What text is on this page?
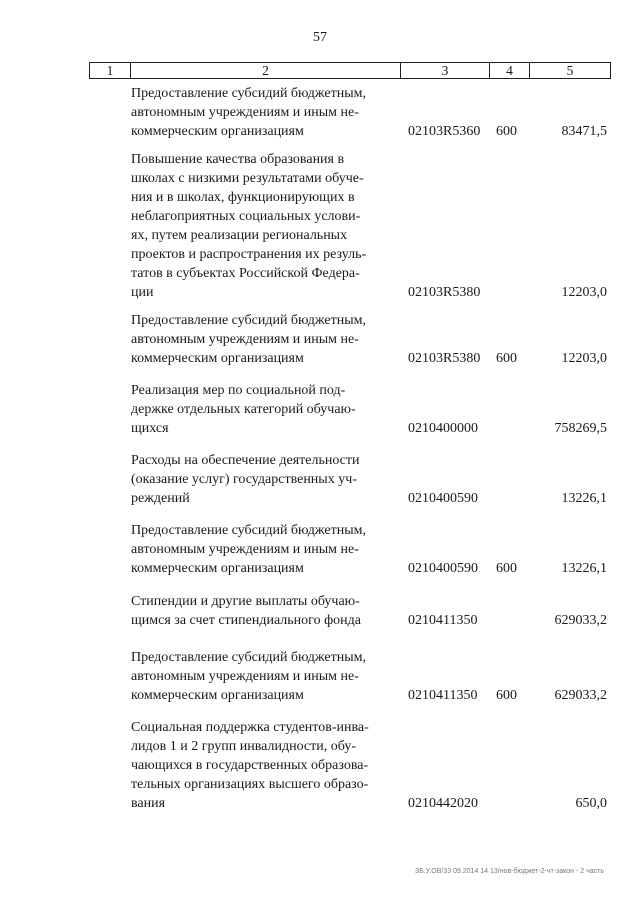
57
1	2	3	4	5
Предоставление субсидий бюджетным,
автономным учреждениям и иным не-
коммерческим организациям	02103R5360 600	83471,5
Повышение качества образования в
школах с низкими результатами обуче-
ния и в школах, функционирующих в
неблагоприятных социальных услови-
ях, путем реализации региональных
проектов и распространения их резуль-
татов в субъектах Российской Федера-
ции	02103R5380	12203,0
Предоставление субсидий бюджетным,
автономным учреждениям и иным не-
коммерческим организациям	02103R5380 600	12203,0
Реализация мер по социальной под-
держке отдельных категорий обучаю-
щихся	0210400000	758269,5
Расходы на обеспечение деятельности
(оказание услуг) государственных уч-
реждений	0210400590	13226,1
Предоставление субсидий бюджетным,
автономным учреждениям и иным не-
коммерческим организациям	0210400590 600	13226,1
Стипендии и другие выплаты обучаю-
щимся за счет стипендиального фонда	0210411350	629033,2
Предоставление субсидий бюджетным,
автономным учреждениям и иным не-
коммерческим организациям	0210411350 600	629033,2
Социальная поддержка студентов-инва-
лидов 1 и 2 групп инвалидности, обу-
чающихся в государственных образова-
тельных организациях высшего образо-
вания	0210442020	650,0
ЗБ.У.ОВ/33 09.2014 14 13/нов-бюджет-2-чт-закон - 2 часть
